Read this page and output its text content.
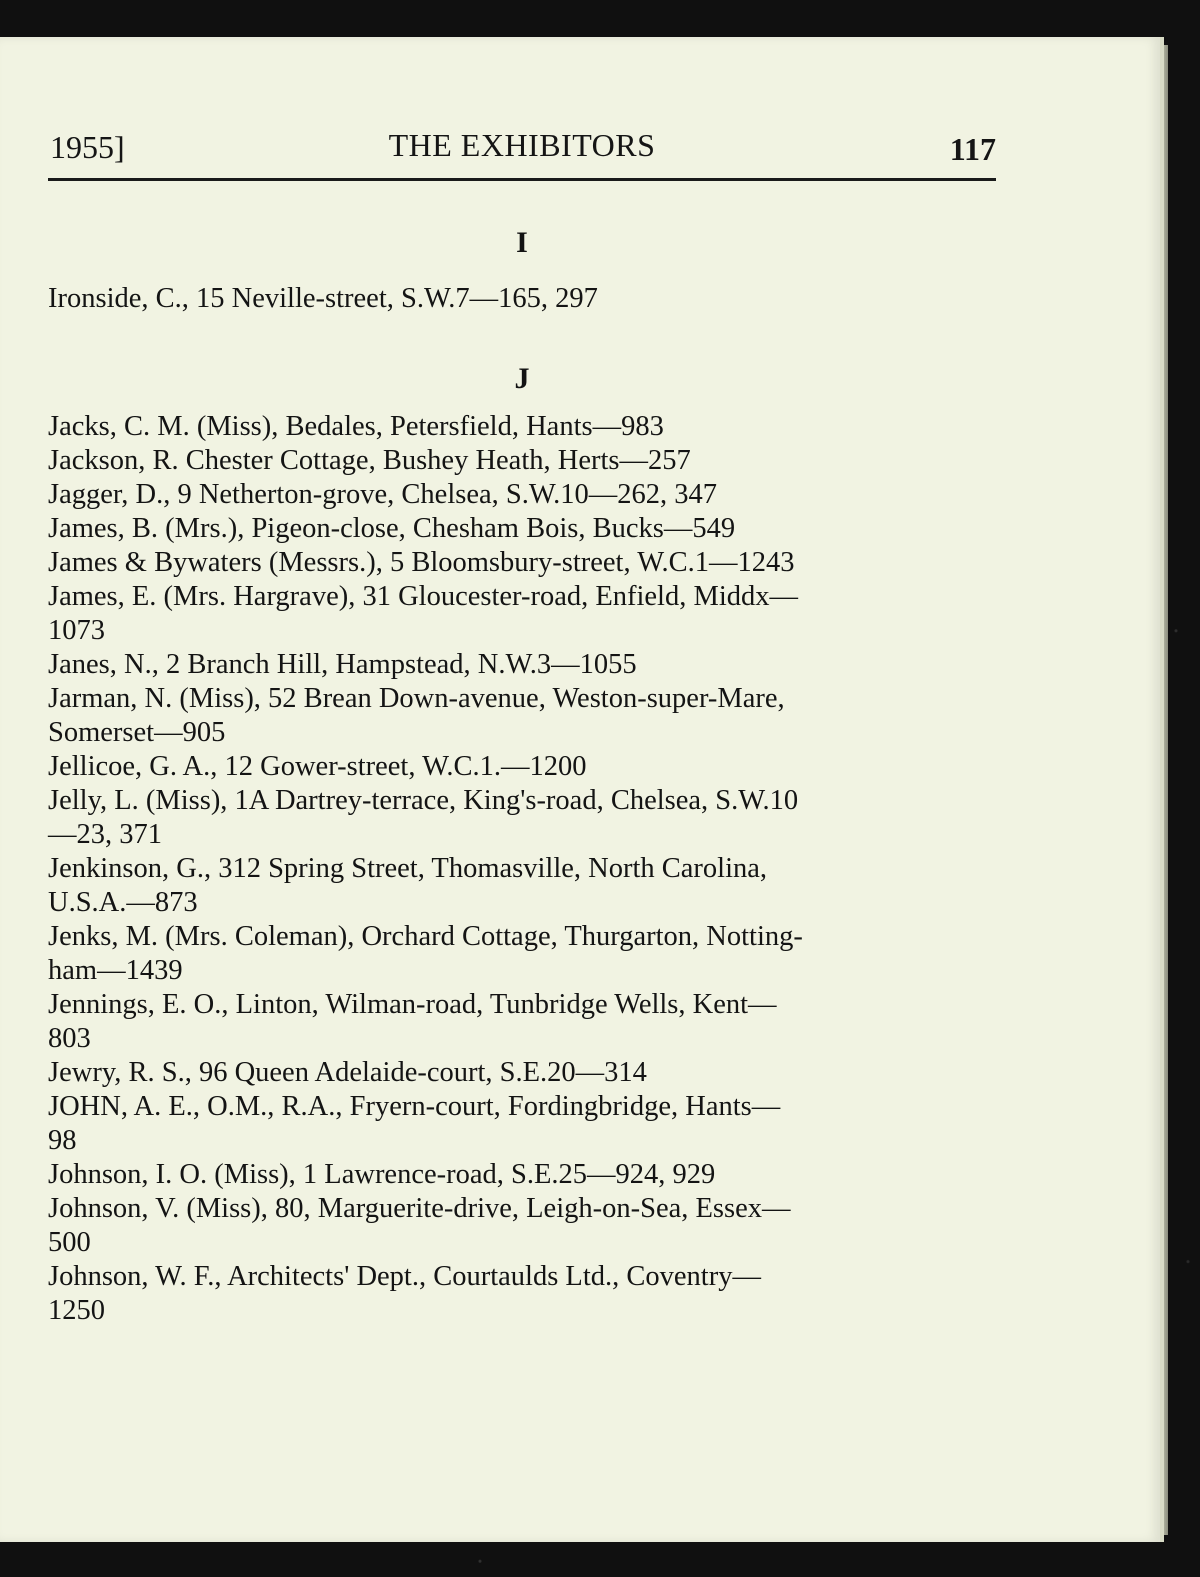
1955]	THE EXHIBITORS	117
I
Ironside, C., 15 Neville-street, S.W.7—165, 297
J
Jacks, C. M. (Miss), Bedales, Petersfield, Hants—983
Jackson, R. Chester Cottage, Bushey Heath, Herts—257
Jagger, D., 9 Netherton-grove, Chelsea, S.W.10—262, 347
James, B. (Mrs.), Pigeon-close, Chesham Bois, Bucks—549
James & Bywaters (Messrs.), 5 Bloomsbury-street, W.C.1—1243
James, E. (Mrs. Hargrave), 31 Gloucester-road, Enfield, Middx—
1073
Janes, N., 2 Branch Hill, Hampstead, N.W.3—1055
Jarman, N. (Miss), 52 Brean Down-avenue, Weston-super-Mare,
Somerset—905
Jellicoe, G. A., 12 Gower-street, W.C.1.—1200
Jelly, L. (Miss), 1A Dartrey-terrace, King's-road, Chelsea, S.W.10
—23, 371
Jenkinson, G., 312 Spring Street, Thomasville, North Carolina,
U.S.A.—873
Jenks, M. (Mrs. Coleman), Orchard Cottage, Thurgarton, Notting-
ham—1439
Jennings, E. O., Linton, Wilman-road, Tunbridge Wells, Kent—
803
Jewry, R. S., 96 Queen Adelaide-court, S.E.20—314
JOHN, A. E., O.M., R.A., Fryern-court, Fordingbridge, Hants—
98
Johnson, I. O. (Miss), 1 Lawrence-road, S.E.25—924, 929
Johnson, V. (Miss), 80, Marguerite-drive, Leigh-on-Sea, Essex—
500
Johnson, W. F., Architects' Dept., Courtaulds Ltd., Coventry—
1250
